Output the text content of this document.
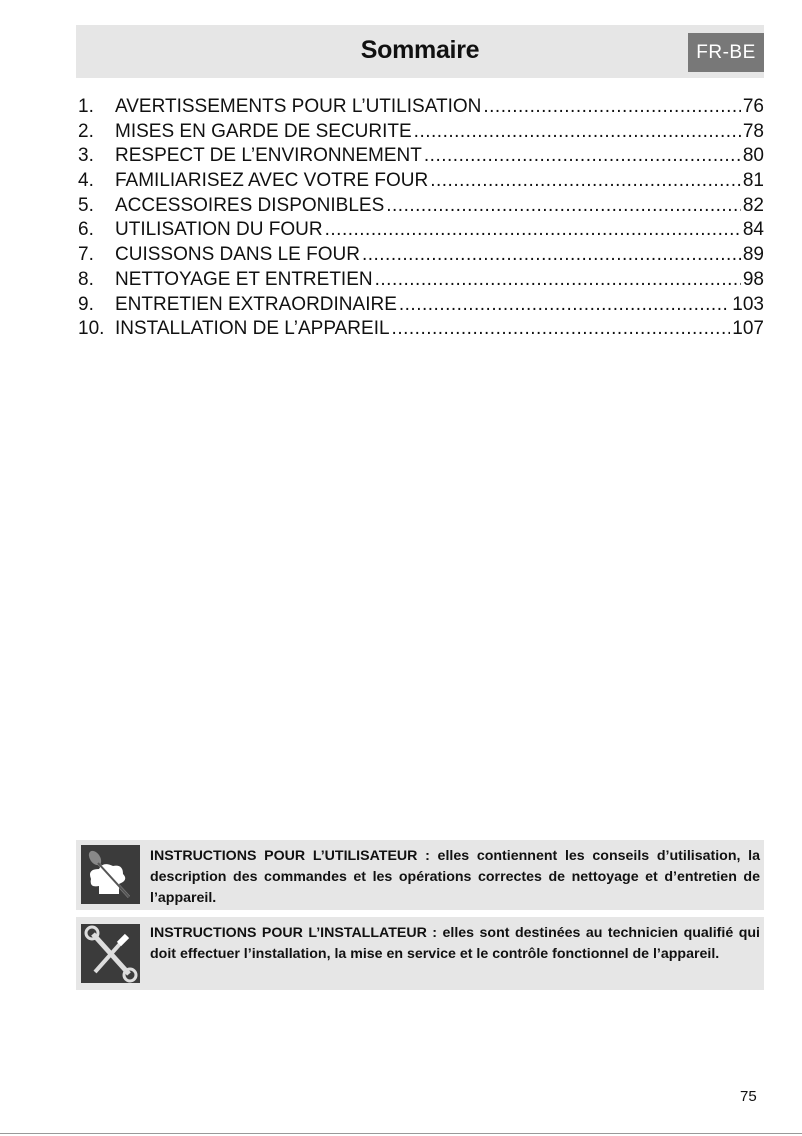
Sommaire	FR-BE
1.	AVERTISSEMENTS POUR L’UTILISATION .....	76
2.	MISES EN GARDE DE SECURITE .....	78
3.	RESPECT DE L’ENVIRONNEMENT .....	80
4.	FAMILIARISEZ AVEC VOTRE FOUR .....	81
5.	ACCESSOIRES DISPONIBLES .....	82
6.	UTILISATION DU FOUR .....	84
7.	CUISSONS DANS LE FOUR .....	89
8.	NETTOYAGE ET ENTRETIEN .....	98
9.	ENTRETIEN EXTRAORDINAIRE .....	103
10. INSTALLATION DE L’APPAREIL .....	107
INSTRUCTIONS POUR L’UTILISATEUR : elles contiennent les conseils d’utilisation, la description des commandes et les opérations correctes de nettoyage et d’entretien de l’appareil.
INSTRUCTIONS POUR L’INSTALLATEUR : elles sont destinées au technicien qualifié qui doit effectuer l’installation, la mise en service et le contrôle fonctionnel de l’appareil.
75
